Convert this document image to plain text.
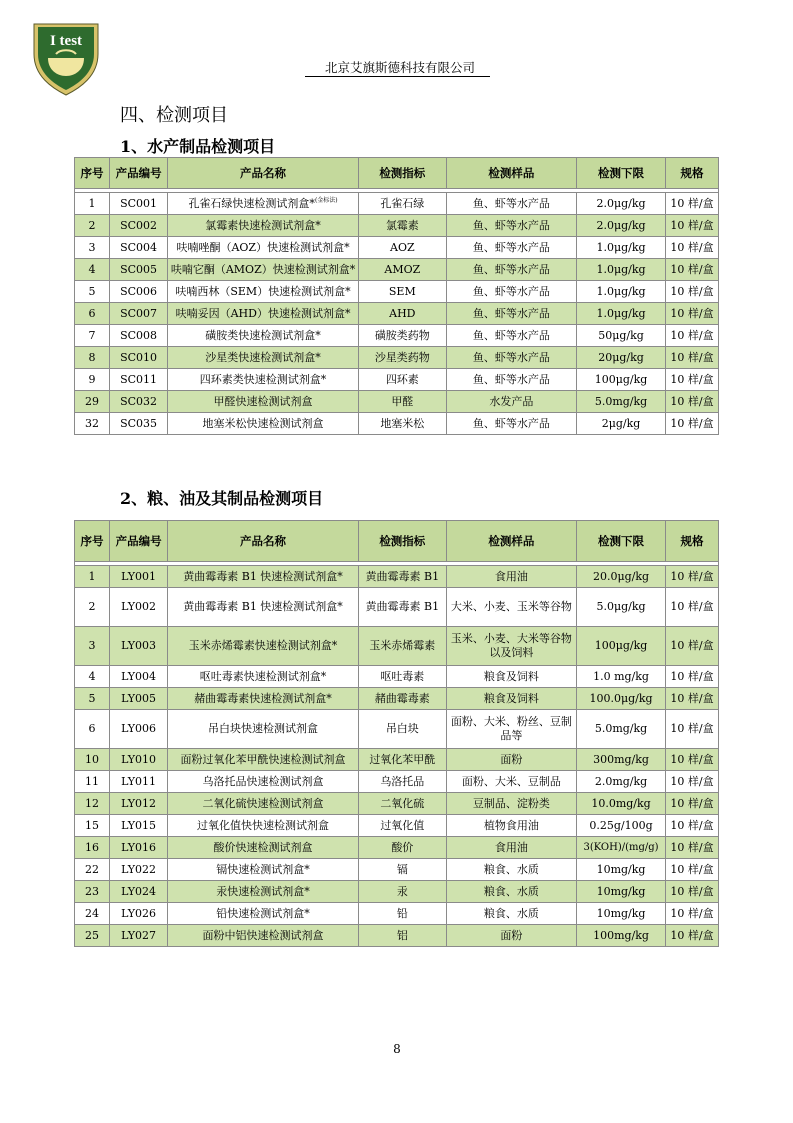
I test
北京艾旗斯德科技有限公司
四、检测项目
1、水产制品检测项目
序号	产品编号	产品名称	检测指标	检测样品	检测下限	规格

1	SC001	孔雀石绿快速检测试剂盒*$^{(金标法)}$	孔雀石绿	鱼、虾等水产品	2.0μg/kg	10 样/盒
2	SC002	氯霉素快速检测试剂盒*	氯霉素	鱼、虾等水产品	2.0μg/kg	10 样/盒
3	SC004	呋喃唑酮（AOZ）快速检测试剂盒*	AOZ	鱼、虾等水产品	1.0μg/kg	10 样/盒
4	SC005	呋喃它酮（AMOZ）快速检测试剂盒*	AMOZ	鱼、虾等水产品	1.0μg/kg	10 样/盒
5	SC006	呋喃西林（SEM）快速检测试剂盒*	SEM	鱼、虾等水产品	1.0μg/kg	10 样/盒
6	SC007	呋喃妥因（AHD）快速检测试剂盒*	AHD	鱼、虾等水产品	1.0μg/kg	10 样/盒
7	SC008	磺胺类快速检测试剂盒*	磺胺类药物	鱼、虾等水产品	50μg/kg	10 样/盒
8	SC010	沙星类快速检测试剂盒*	沙星类药物	鱼、虾等水产品	20μg/kg	10 样/盒
9	SC011	四环素类快速检测试剂盒*	四环素	鱼、虾等水产品	100μg/kg	10 样/盒
29	SC032	甲醛快速检测试剂盒	甲醛	水发产品	5.0mg/kg	10 样/盒
32	SC035	地塞米松快速检测试剂盒	地塞米松	鱼、虾等水产品	2μg/kg	10 样/盒
2、粮、油及其制品检测项目
序号	产品编号	产品名称	检测指标	检测样品	检测下限	规格

1	LY001	黄曲霉毒素 B1 快速检测试剂盒*	黄曲霉毒素 B1	食用油	20.0μg/kg	10 样/盒
2	LY002	黄曲霉毒素 B1 快速检测试剂盒*	黄曲霉毒素 B1	大米、小麦、玉米等谷物	5.0μg/kg	10 样/盒
3	LY003	玉米赤烯霉素快速检测试剂盒*	玉米赤烯霉素	玉米、小麦、大米等谷物以及饲料	100μg/kg	10 样/盒
4	LY004	呕吐毒素快速检测试剂盒*	呕吐毒素	粮食及饲料	1.0 mg/kg	10 样/盒
5	LY005	赭曲霉毒素快速检测试剂盒*	赭曲霉毒素	粮食及饲料	100.0μg/kg	10 样/盒
6	LY006	吊白块快速检测试剂盒	吊白块	面粉、大米、粉丝、豆制品等	5.0mg/kg	10 样/盒
10	LY010	面粉过氧化苯甲酰快速检测试剂盒	过氧化苯甲酰	面粉	300mg/kg	10 样/盒
11	LY011	乌洛托品快速检测试剂盒	乌洛托品	面粉、大米、豆制品	2.0mg/kg	10 样/盒
12	LY012	二氧化硫快速检测试剂盒	二氧化硫	豆制品、淀粉类	10.0mg/kg	10 样/盒
15	LY015	过氧化值快快速检测试剂盒	过氧化值	植物食用油	0.25g/100g	10 样/盒
16	LY016	酸价快速检测试剂盒	酸价	食用油	3(KOH)/(mg/g)	10 样/盒
22	LY022	镉快速检测试剂盒*	镉	粮食、水质	10mg/kg	10 样/盒
23	LY024	汞快速检测试剂盒*	汞	粮食、水质	10mg/kg	10 样/盒
24	LY026	铅快速检测试剂盒*	铅	粮食、水质	10mg/kg	10 样/盒
25	LY027	面粉中铝快速检测试剂盒	铝	面粉	100mg/kg	10 样/盒
8
